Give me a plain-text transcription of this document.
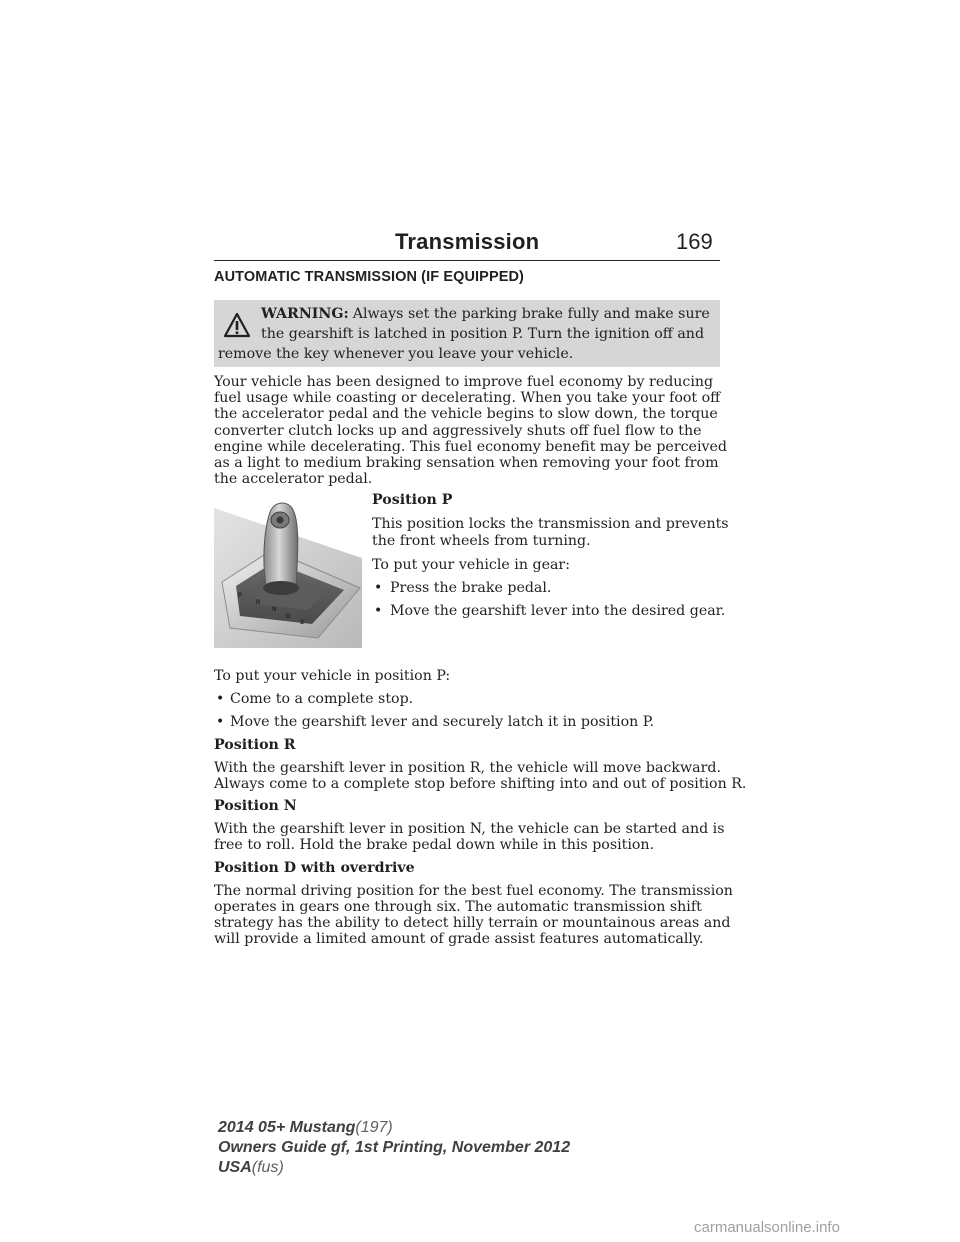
Transmission	169
AUTOMATIC TRANSMISSION (IF EQUIPPED)
WARNING: Always set the parking brake fully and make sure
the gearshift is latched in position P. Turn the ignition off and
remove the key whenever you leave your vehicle.
Your vehicle has been designed to improve fuel economy by reducing
fuel usage while coasting or decelerating. When you take your foot off
the accelerator pedal and the vehicle begins to slow down, the torque
converter clutch locks up and aggressively shuts off fuel flow to the
engine while decelerating. This fuel economy benefit may be perceived
as a light to medium braking sensation when removing your foot from
the accelerator pedal.
P
R
N
D
S
Position P
This position locks the transmission and prevents
the front wheels from turning.
To put your vehicle in gear:
• Press the brake pedal.
• Move the gearshift lever into the desired gear.
To put your vehicle in position P:
• Come to a complete stop.
• Move the gearshift lever and securely latch it in position P.
Position R
With the gearshift lever in position R, the vehicle will move backward.
Always come to a complete stop before shifting into and out of position R.
Position N
With the gearshift lever in position N, the vehicle can be started and is
free to roll. Hold the brake pedal down while in this position.
Position D with overdrive
The normal driving position for the best fuel economy. The transmission
operates in gears one through six. The automatic transmission shift
strategy has the ability to detect hilly terrain or mountainous areas and
will provide a limited amount of grade assist features automatically.
2014 05+ Mustang(197)
Owners Guide gf, 1st Printing, November 2012
USA(fus)
carmanualsonline.info
